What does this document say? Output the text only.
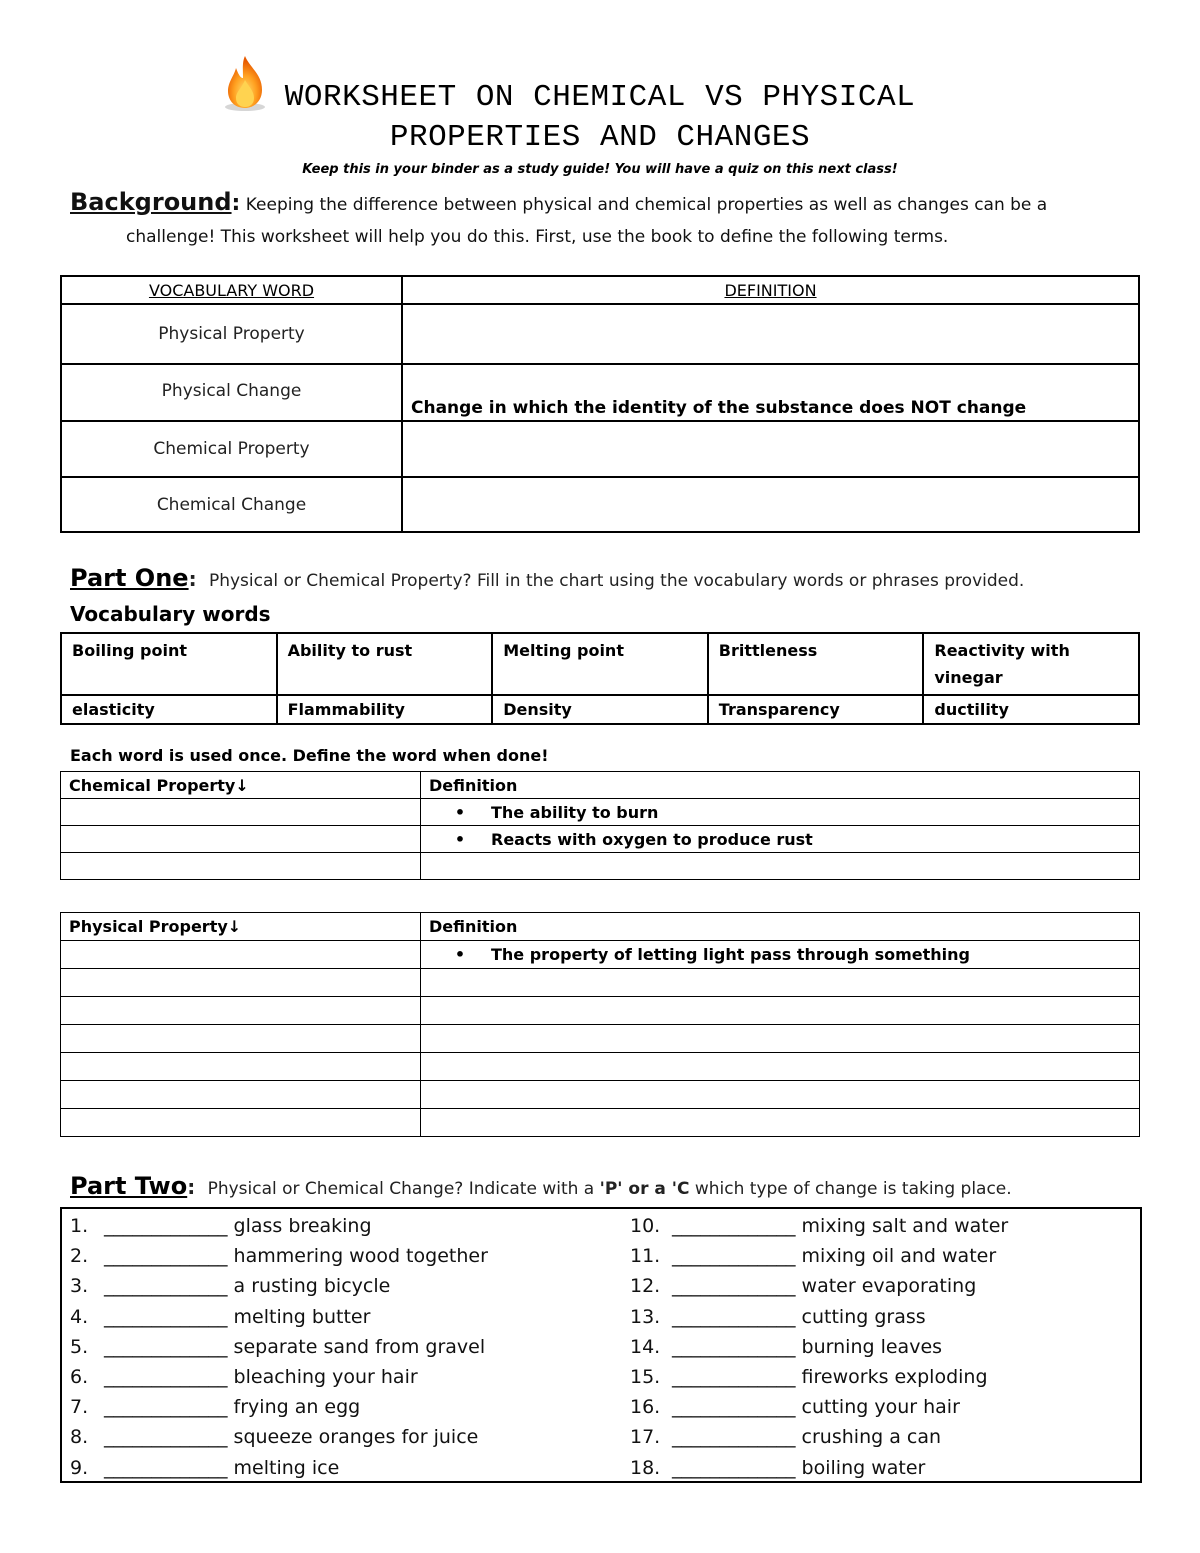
WORKSHEET ON CHEMICAL VS PHYSICAL
PROPERTIES AND CHANGES
Keep this in your binder as a study guide! You will have a quiz on this next class!
Background: Keeping the difference between physical and chemical properties as well as changes can be a
challenge! This worksheet will help you do this. First, use the book to define the following terms.
VOCABULARY WORD	DEFINITION
Physical Property	
Physical Change	Change in which the identity of the substance does NOT change
Chemical Property	
Chemical Change	
Part One:  Physical or Chemical Property? Fill in the chart using the vocabulary words or phrases provided.
Vocabulary words
Boiling point	Ability to rust	Melting point	Brittleness	Reactivity with vinegar
elasticity	Flammability	Density	Transparency	ductility
Each word is used once. Define the word when done!
Chemical Property↓	Definition
	• The ability to burn
	• Reacts with oxygen to produce rust

Physical Property↓	Definition
	• The property of letting light pass through something

Part Two:  Physical or Chemical Change? Indicate with a 'P' or a 'C which type of change is taking place.
1. _____________ glass breaking
2. _____________ hammering wood together
3. _____________ a rusting bicycle
4. _____________ melting butter
5. _____________ separate sand from gravel
6. _____________ bleaching your hair
7. _____________ frying an egg
8. _____________ squeeze oranges for juice
9. _____________ melting ice
10. _____________ mixing salt and water
11. _____________ mixing oil and water
12. _____________ water evaporating
13. _____________ cutting grass
14. _____________ burning leaves
15. _____________ fireworks exploding
16. _____________ cutting your hair
17. _____________ crushing a can
18. _____________ boiling water
